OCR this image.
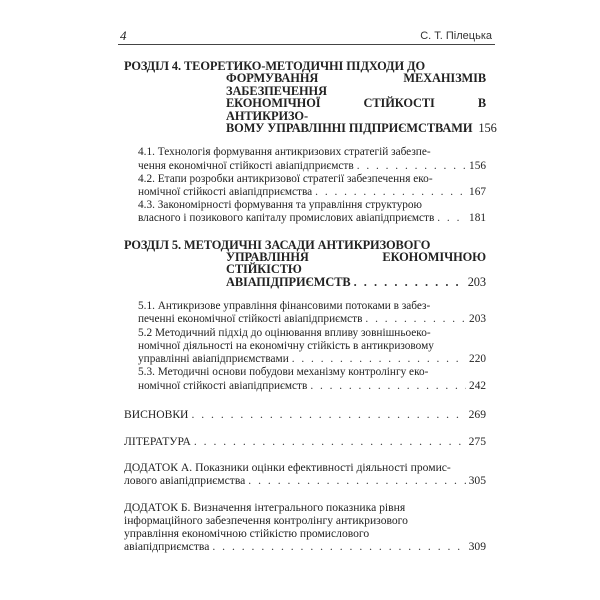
4	С. Т. Пілецька
РОЗДІЛ 4. ТЕОРЕТИКО-МЕТОДИЧНІ ПІДХОДИ ДО
ФОРМУВАННЯ МЕХАНІЗМІВ ЗАБЕЗПЕЧЕННЯ
ЕКОНОМІЧНОЇ СТІЙКОСТІ В АНТИКРИЗО-
ВОМУ УПРАВЛІННІ ПІДПРИЄМСТВАМИ 156
4.1. Технологія формування антикризових стратегій забезпе-
чення економічної стійкості авіапідприємств . . .	156
4.2. Етапи розробки антикризової стратегії забезпечення еко-
номічної стійкості авіапідприємства . . .	167
4.3. Закономірності формування та управління структурою
власного і позикового капіталу промислових авіапідприємств . . .	181
РОЗДІЛ 5. МЕТОДИЧНІ ЗАСАДИ АНТИКРИЗОВОГО
УПРАВЛІННЯ ЕКОНОМІЧНОЮ СТІЙКІСТЮ
АВІАПІДПРИЄМСТВ . . .	203
5.1. Антикризове управління фінансовими потоками в забез-
печенні економічної стійкості авіапідприємств . . .	203
5.2 Методичний підхід до оцінювання впливу зовнішньоеко-
номічної діяльності на економічну стійкість в антикризовому
управлінні авіапідприємствами . . .	220
5.3. Методичні основи побудови механізму контролінгу еко-
номічної стійкості авіапідприємств . . .	242
ВИСНОВКИ . . .	269
ЛІТЕРАТУРА . . .	275
ДОДАТОК А. Показники оцінки ефективності діяльності промис-
лового авіапідприємства . . .	305
ДОДАТОК Б. Визначення інтегрального показника рівня
інформаційного забезпечення контролінгу антикризового
управління економічною стійкістю промислового
авіапідприємства . . .	309
